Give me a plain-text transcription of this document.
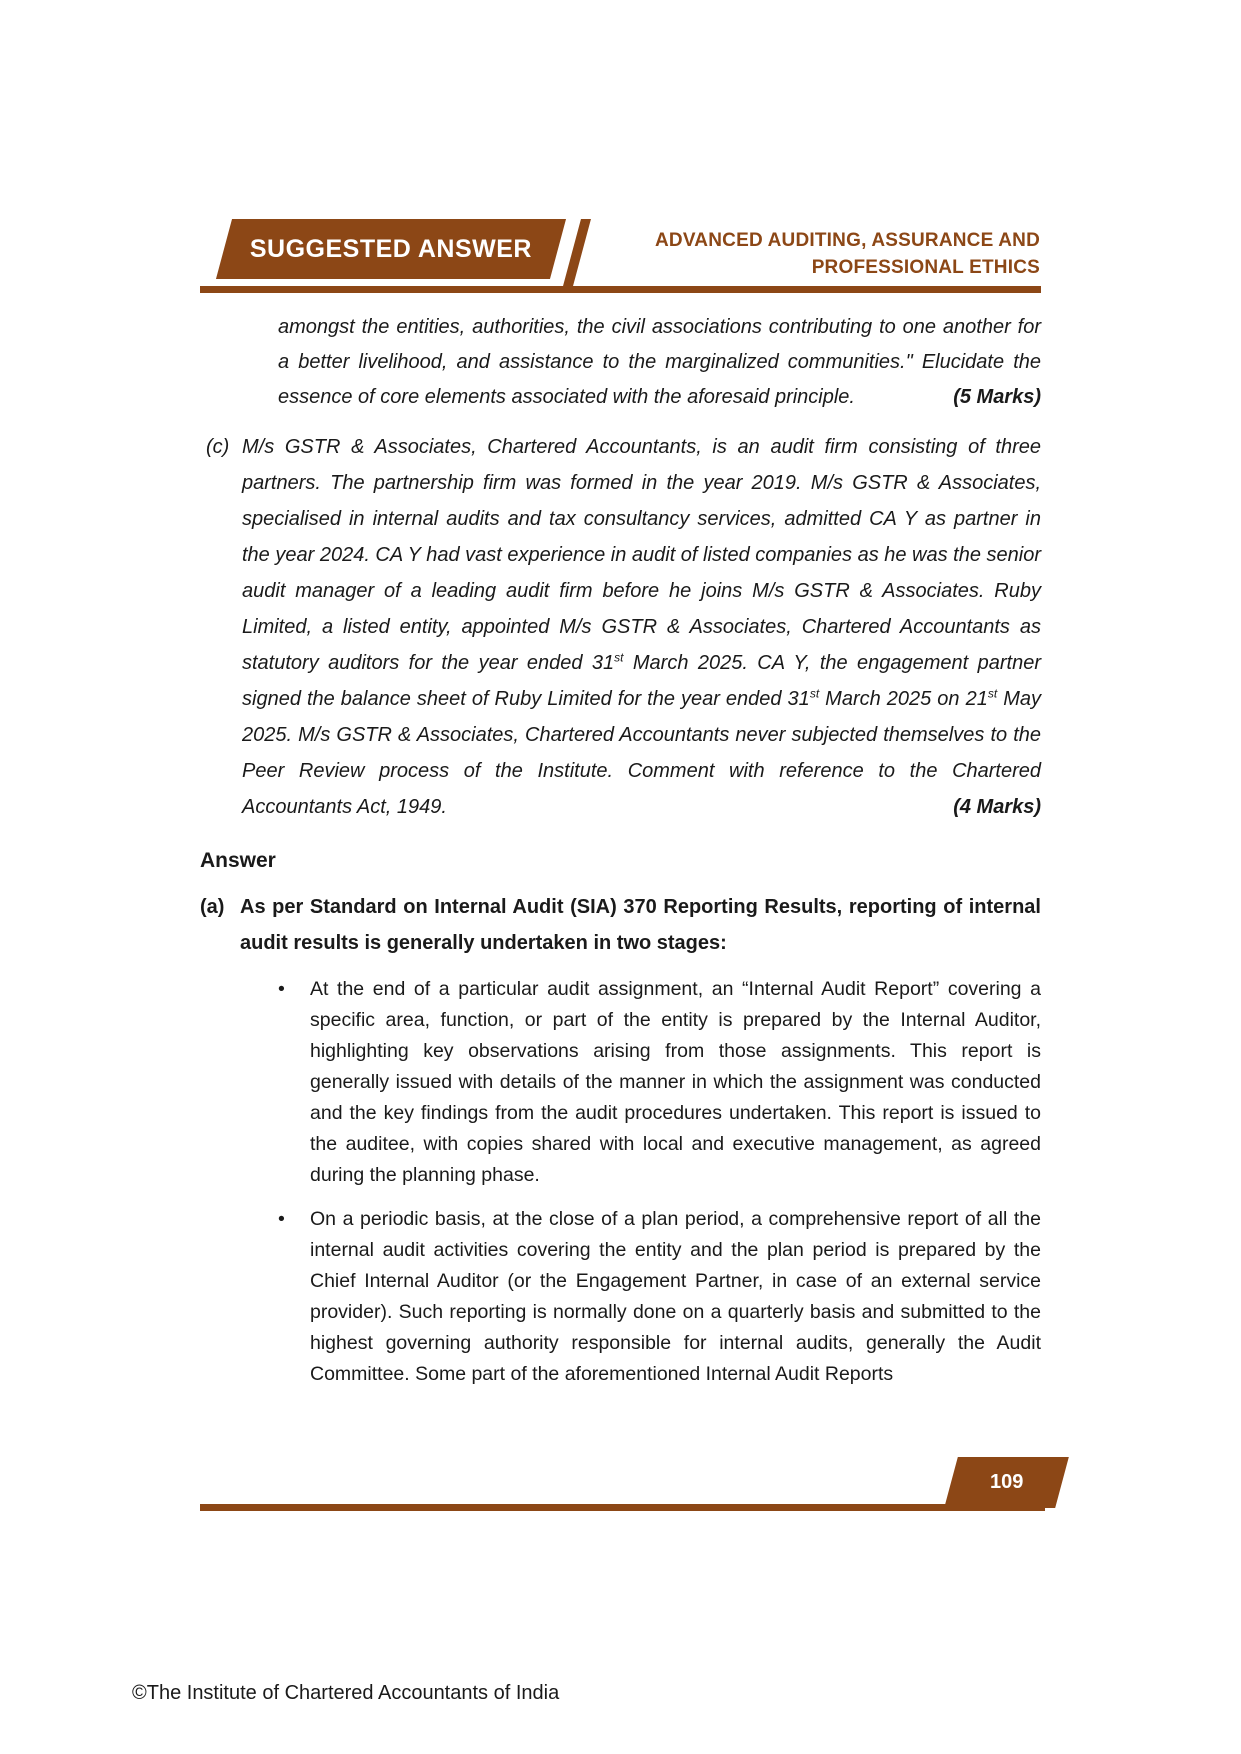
SUGGESTED ANSWER	ADVANCED AUDITING, ASSURANCE AND
PROFESSIONAL ETHICS

amongst the entities, authorities, the civil associations contributing to one another for a better livelihood, and assistance to the marginalized communities." Elucidate the essence of core elements associated with the aforesaid principle.	(5 Marks)

(c) M/s GSTR & Associates, Chartered Accountants, is an audit firm consisting of three partners. The partnership firm was formed in the year 2019. M/s GSTR & Associates, specialised in internal audits and tax consultancy services, admitted CA Y as partner in the year 2024. CA Y had vast experience in audit of listed companies as he was the senior audit manager of a leading audit firm before he joins M/s GSTR & Associates. Ruby Limited, a listed entity, appointed M/s GSTR & Associates, Chartered Accountants as statutory auditors for the year ended 31st March 2025. CA Y, the engagement partner signed the balance sheet of Ruby Limited for the year ended 31st March 2025 on 21st May 2025. M/s GSTR & Associates, Chartered Accountants never subjected themselves to the Peer Review process of the Institute. Comment with reference to the Chartered Accountants Act, 1949.	(4 Marks)

Answer
(a) As per Standard on Internal Audit (SIA) 370 Reporting Results, reporting of internal audit results is generally undertaken in two stages:

• At the end of a particular audit assignment, an “Internal Audit Report” covering a specific area, function, or part of the entity is prepared by the Internal Auditor, highlighting key observations arising from those assignments. This report is generally issued with details of the manner in which the assignment was conducted and the key findings from the audit procedures undertaken. This report is issued to the auditee, with copies shared with local and executive management, as agreed during the planning phase.
• On a periodic basis, at the close of a plan period, a comprehensive report of all the internal audit activities covering the entity and the plan period is prepared by the Chief Internal Auditor (or the Engagement Partner, in case of an external service provider). Such reporting is normally done on a quarterly basis and submitted to the highest governing authority responsible for internal audits, generally the Audit Committee. Some part of the aforementioned Internal Audit Reports
109
©The Institute of Chartered Accountants of India
